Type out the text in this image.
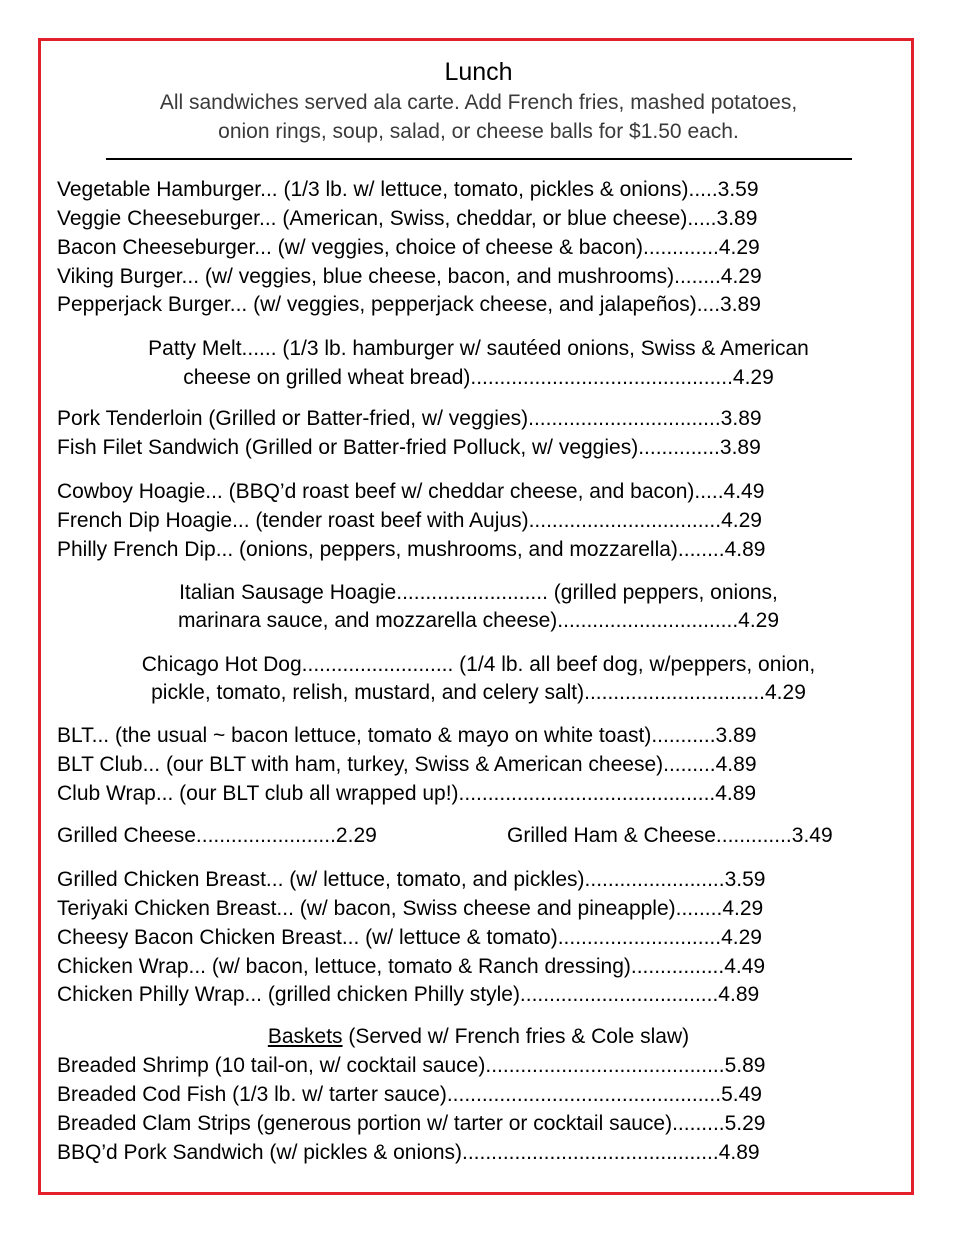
Lunch
All sandwiches served ala carte. Add French fries, mashed potatoes,
onion rings, soup, salad, or cheese balls for $1.50 each.
Vegetable Hamburger... (1/3 lb. w/ lettuce, tomato, pickles & onions).....3.59
Veggie Cheeseburger... (American, Swiss, cheddar, or blue cheese).....3.89
Bacon Cheeseburger... (w/ veggies, choice of cheese & bacon).............4.29
Viking Burger... (w/ veggies, blue cheese, bacon, and mushrooms)........4.29
Pepperjack Burger... (w/ veggies, pepperjack cheese, and jalapeños)....3.89
Patty Melt...... (1/3 lb. hamburger w/ sautéed onions, Swiss & American
cheese on grilled wheat bread).............................................4.29
Pork Tenderloin (Grilled or Batter-fried, w/ veggies).................................3.89
Fish Filet Sandwich (Grilled or Batter-fried Polluck, w/ veggies)..............3.89
Cowboy Hoagie... (BBQ’d roast beef w/ cheddar cheese, and bacon).....4.49
French Dip Hoagie... (tender roast beef with Aujus).................................4.29
Philly French Dip... (onions, peppers, mushrooms, and mozzarella)........4.89
Italian Sausage Hoagie.......................... (grilled peppers, onions,
marinara sauce, and mozzarella cheese)...............................4.29
Chicago Hot Dog.......................... (1/4 lb. all beef dog, w/peppers, onion,
pickle, tomato, relish, mustard, and celery salt)...............................4.29
BLT... (the usual ~ bacon lettuce, tomato & mayo on white toast)...........3.89
BLT Club... (our BLT with ham, turkey, Swiss & American cheese).........4.89
Club Wrap... (our BLT club all wrapped up!)............................................4.89
Grilled Cheese........................2.29	Grilled Ham & Cheese.............3.49
Grilled Chicken Breast... (w/ lettuce, tomato, and pickles)........................3.59
Teriyaki Chicken Breast... (w/ bacon, Swiss cheese and pineapple)........4.29
Cheesy Bacon Chicken Breast... (w/ lettuce & tomato)............................4.29
Chicken Wrap... (w/ bacon, lettuce, tomato & Ranch dressing)................4.49
Chicken Philly Wrap... (grilled chicken Philly style)..................................4.89
Baskets (Served w/ French fries & Cole slaw)
Breaded Shrimp (10 tail-on, w/ cocktail sauce).........................................5.89
Breaded Cod Fish (1/3 lb. w/ tarter sauce)...............................................5.49
Breaded Clam Strips (generous portion w/ tarter or cocktail sauce).........5.29
BBQ’d Pork Sandwich (w/ pickles & onions)............................................4.89
